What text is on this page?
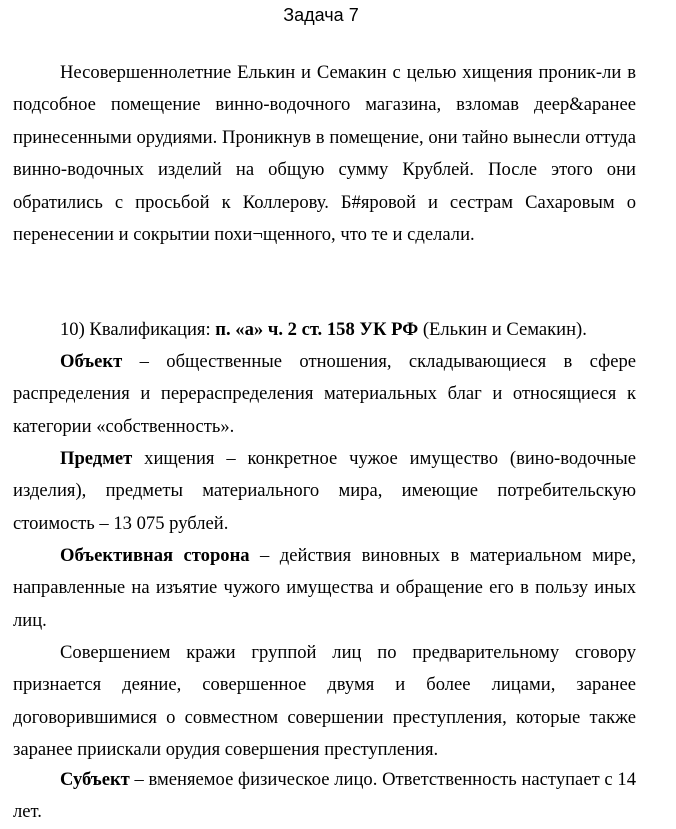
Задача 7

Несовершеннолетние Елькин и Семакин с целью хищения проник-ли в подсобное помещение винно-водочного магазина, взломав деер&аранее принесенными орудиями. Проникнув в помещение, они тайно вынесли оттуда винно-водочных изделий на общую сумму Крублей. После этого они обратились с просьбой к Коллерову. Б#яровой и сестрам Сахаровым о перенесении и сокрытии похи¬щенного, что те и сделали.

10) Квалификация: п. «а» ч. 2 ст. 158 УК РФ (Елькин и Семакин).

Объект – общественные отношения, складывающиеся в сфере распределения и перераспределения материальных благ и относящиеся к категории «собственность».

Предмет хищения – конкретное чужое имущество (вино-водочные изделия), предметы материального мира, имеющие потребительскую стоимость – 13 075 рублей.

Объективная сторона – действия виновных в материальном мире, направленные на изъятие чужого имущества и обращение его в пользу иных лиц.

Совершением кражи группой лиц по предварительному сговору признается деяние, совершенное двумя и более лицами, заранее договорившимися о совместном совершении преступления, которые также заранее приискали орудия совершения преступления.

Субъект – вменяемое физическое лицо. Ответственность наступает с 14 лет.
